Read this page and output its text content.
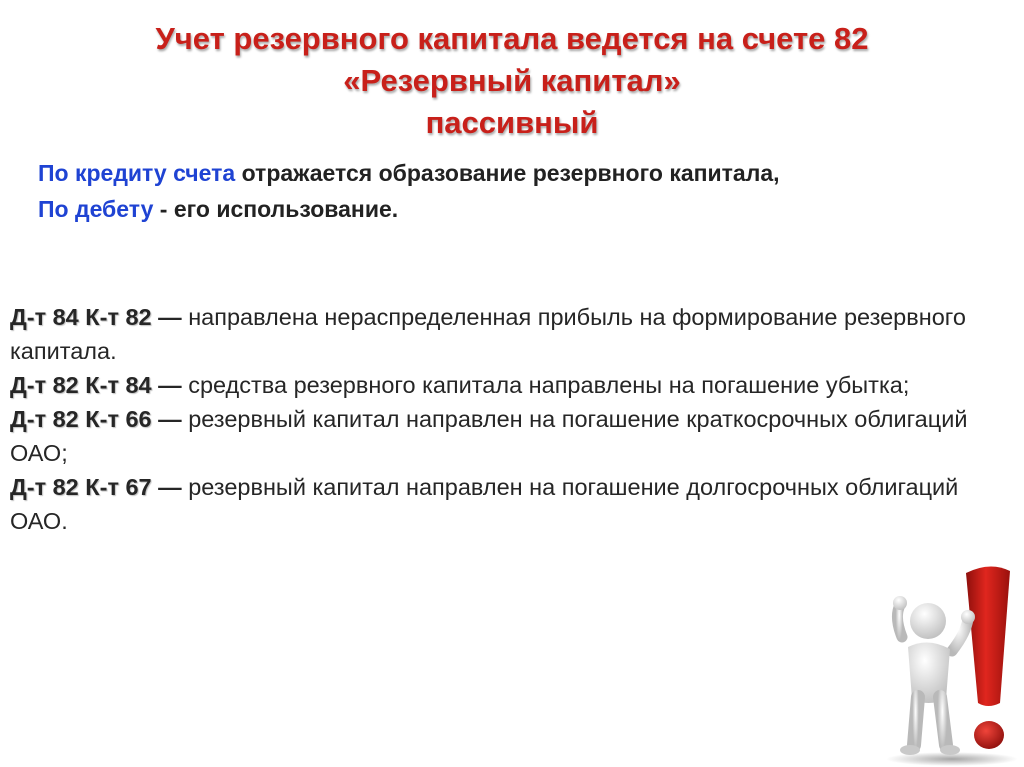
Учет резервного капитала ведется на счете 82
«Резервный капитал»
пассивный
По кредиту счета отражается образование резервного капитала,
По дебету - его использование.

Д-т 84 К-т 82 — направлена нераспределенная прибыль на формирование резервного капитала.

Д-т 82 К-т 84 — средства резервного капитала направлены на погашение убытка;

Д-т 82 К-т 66 — резервный капитал направлен на погашение краткосрочных облигаций ОАО;

Д-т 82 К-т 67 — резервный капитал направлен на погашение долгосрочных облигаций ОАО.
